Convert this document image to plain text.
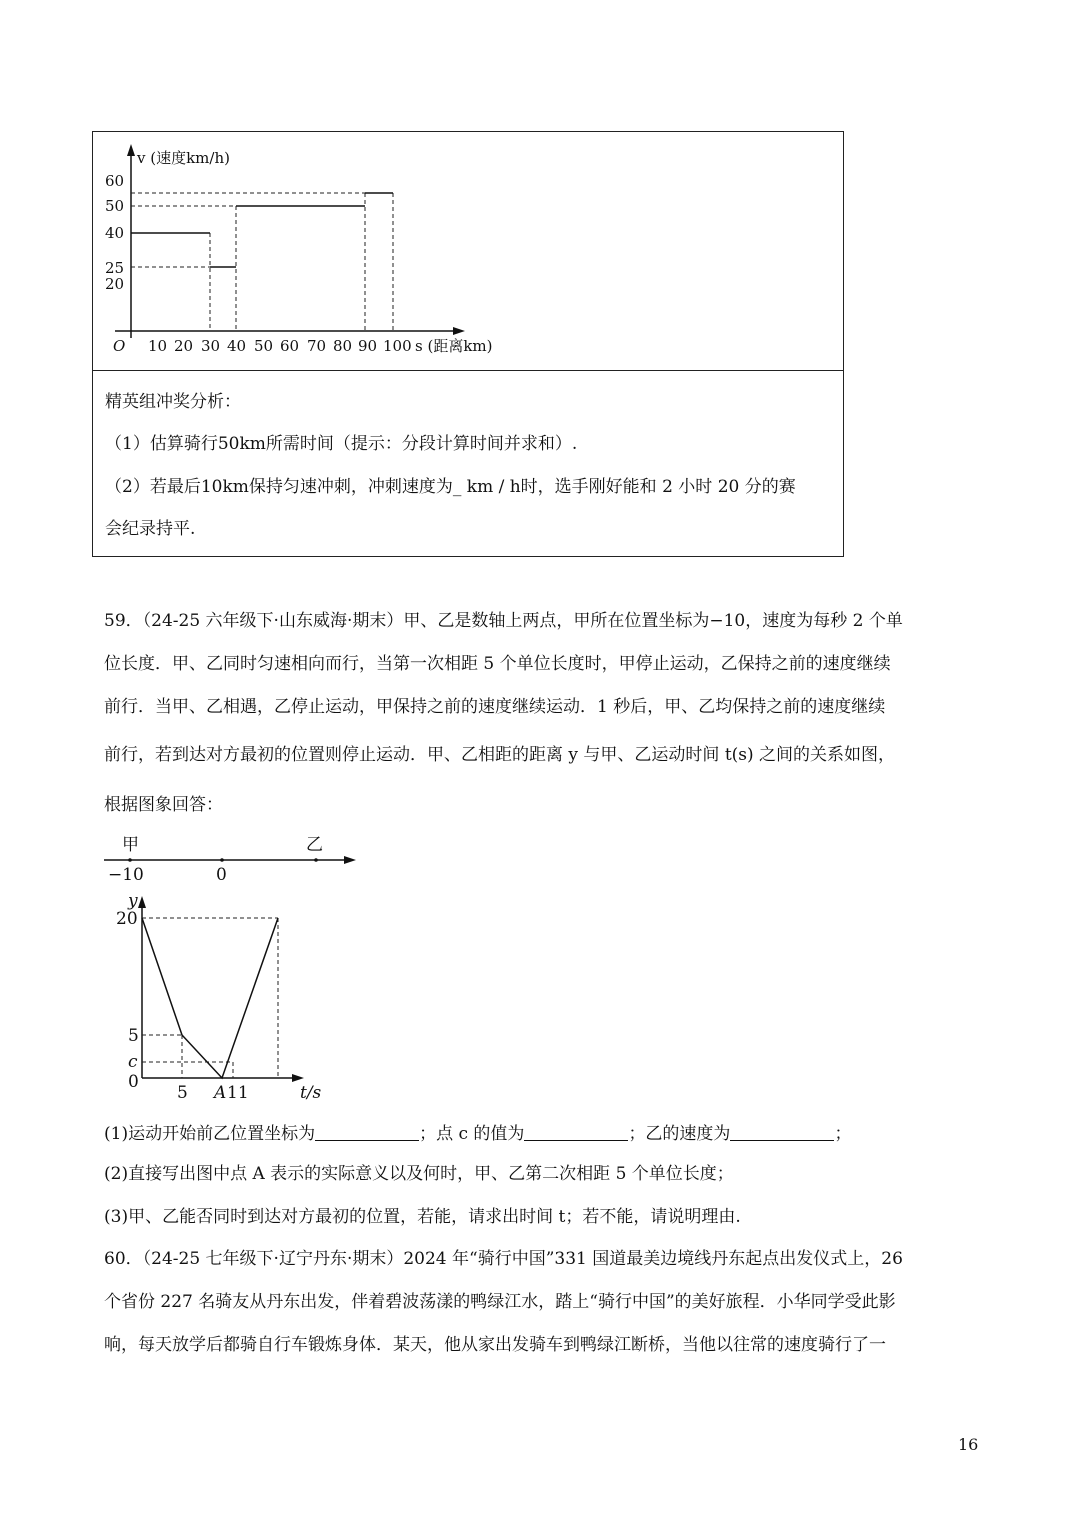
v (速度km/h)
60
50
40
25
20
O 10 20 30 40 50 60 70 80 90 100 s (距离km)
精英组冲奖分析：
（1）估算骑行50km所需时间（提示：分段计算时间并求和）.
（2）若最后10km保持匀速冲刺，冲刺速度为_ km / h时，选手刚好能和 2 小时 20 分的赛
会纪录持平.
59．（24-25 六年级下·山东威海·期末）甲、乙是数轴上两点，甲所在位置坐标为−10，速度为每秒 2 个单
位长度．甲、乙同时匀速相向而行，当第一次相距 5 个单位长度时，甲停止运动，乙保持之前的速度继续
前行．当甲、乙相遇，乙停止运动，甲保持之前的速度继续运动．1 秒后，甲、乙均保持之前的速度继续
前行，若到达对方最初的位置则停止运动．甲、乙相距的距离 y 与甲、乙运动时间 t(s) 之间的关系如图，
根据图象回答：
甲	乙
−10	0
y
20
5
c
0
5 A 11	t/s
(1)运动开始前乙位置坐标为	；点 c 的值为	；乙的速度为	；
(2)直接写出图中点 A 表示的实际意义以及何时，甲、乙第二次相距 5 个单位长度；
(3)甲、乙能否同时到达对方最初的位置，若能，请求出时间 t；若不能，请说明理由.
60．（24-25 七年级下·辽宁丹东·期末）2024 年“骑行中国”331 国道最美边境线丹东起点出发仪式上，26
个省份 227 名骑友从丹东出发，伴着碧波荡漾的鸭绿江水，踏上“骑行中国”的美好旅程．小华同学受此影
响，每天放学后都骑自行车锻炼身体．某天，他从家出发骑车到鸭绿江断桥，当他以往常的速度骑行了一
16
